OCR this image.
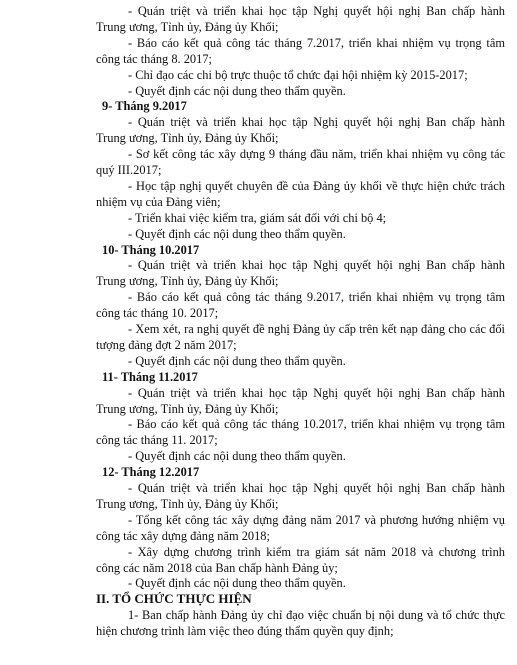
- Quán triệt và triển khai học tập Nghị quyết hội nghị Ban chấp hành
Trung ương, Tỉnh ủy, Đảng ủy Khối;
- Báo cáo kết quả công tác tháng 7.2017, triển khai nhiệm vụ trọng tâm
công tác tháng 8. 2017;
- Chỉ đạo các chi bộ trực thuộc tổ chức đại hội nhiệm kỳ 2015-2017;
- Quyết định các nội dung theo thẩm quyền.
9- Tháng 9.2017
- Quán triệt và triển khai học tập Nghị quyết hội nghị Ban chấp hành
Trung ương, Tỉnh ủy, Đảng ủy Khối;
- Sơ kết công tác xây dựng 9 tháng đầu năm, triển khai nhiệm vụ công tác
quý III.2017;
- Học tập nghị quyết chuyên đề của Đảng ủy khối về thực hiện chức trách
nhiệm vụ của Đảng viên;
- Triển khai việc kiểm tra, giám sát đối với chi bộ 4;
- Quyết định các nội dung theo thẩm quyền.
10- Tháng 10.2017
- Quán triệt và triển khai học tập Nghị quyết hội nghị Ban chấp hành
Trung ương, Tỉnh ủy, Đảng ủy Khối;
- Báo cáo kết quả công tác tháng 9.2017, triển khai nhiệm vụ trọng tâm
công tác tháng 10. 2017;
- Xem xét, ra nghị quyết đề nghị Đảng ủy cấp trên kết nạp đảng cho các đối
tượng đảng đợt 2 năm 2017;
- Quyết định các nội dung theo thẩm quyền.
11- Tháng 11.2017
- Quán triệt và triển khai học tập Nghị quyết hội nghị Ban chấp hành
Trung ương, Tỉnh ủy, Đảng ủy Khối;
- Báo cáo kết quả công tác tháng 10.2017, triển khai nhiệm vụ trọng tâm
công tác tháng 11. 2017;
- Quyết định các nội dung theo thẩm quyền.
12- Tháng 12.2017
- Quán triệt và triển khai học tập Nghị quyết hội nghị Ban chấp hành
Trung ương, Tỉnh ủy, Đảng ủy Khối;
- Tổng kết công tác xây dựng đảng năm 2017 và phương hướng nhiệm vụ
công tác xây dựng đảng năm 2018;
- Xây dựng chương trình kiểm tra giám sát năm 2018 và chương trình
công các năm 2018 của Ban chấp hành Đảng ủy;
- Quyết định các nội dung theo thẩm quyền.
II. TỔ CHỨC THỰC HIỆN
1- Ban chấp hành Đảng ủy chỉ đạo việc chuẩn bị nội dung và tổ chức thực
hiện chương trình làm việc theo đúng thẩm quyền quy định;
